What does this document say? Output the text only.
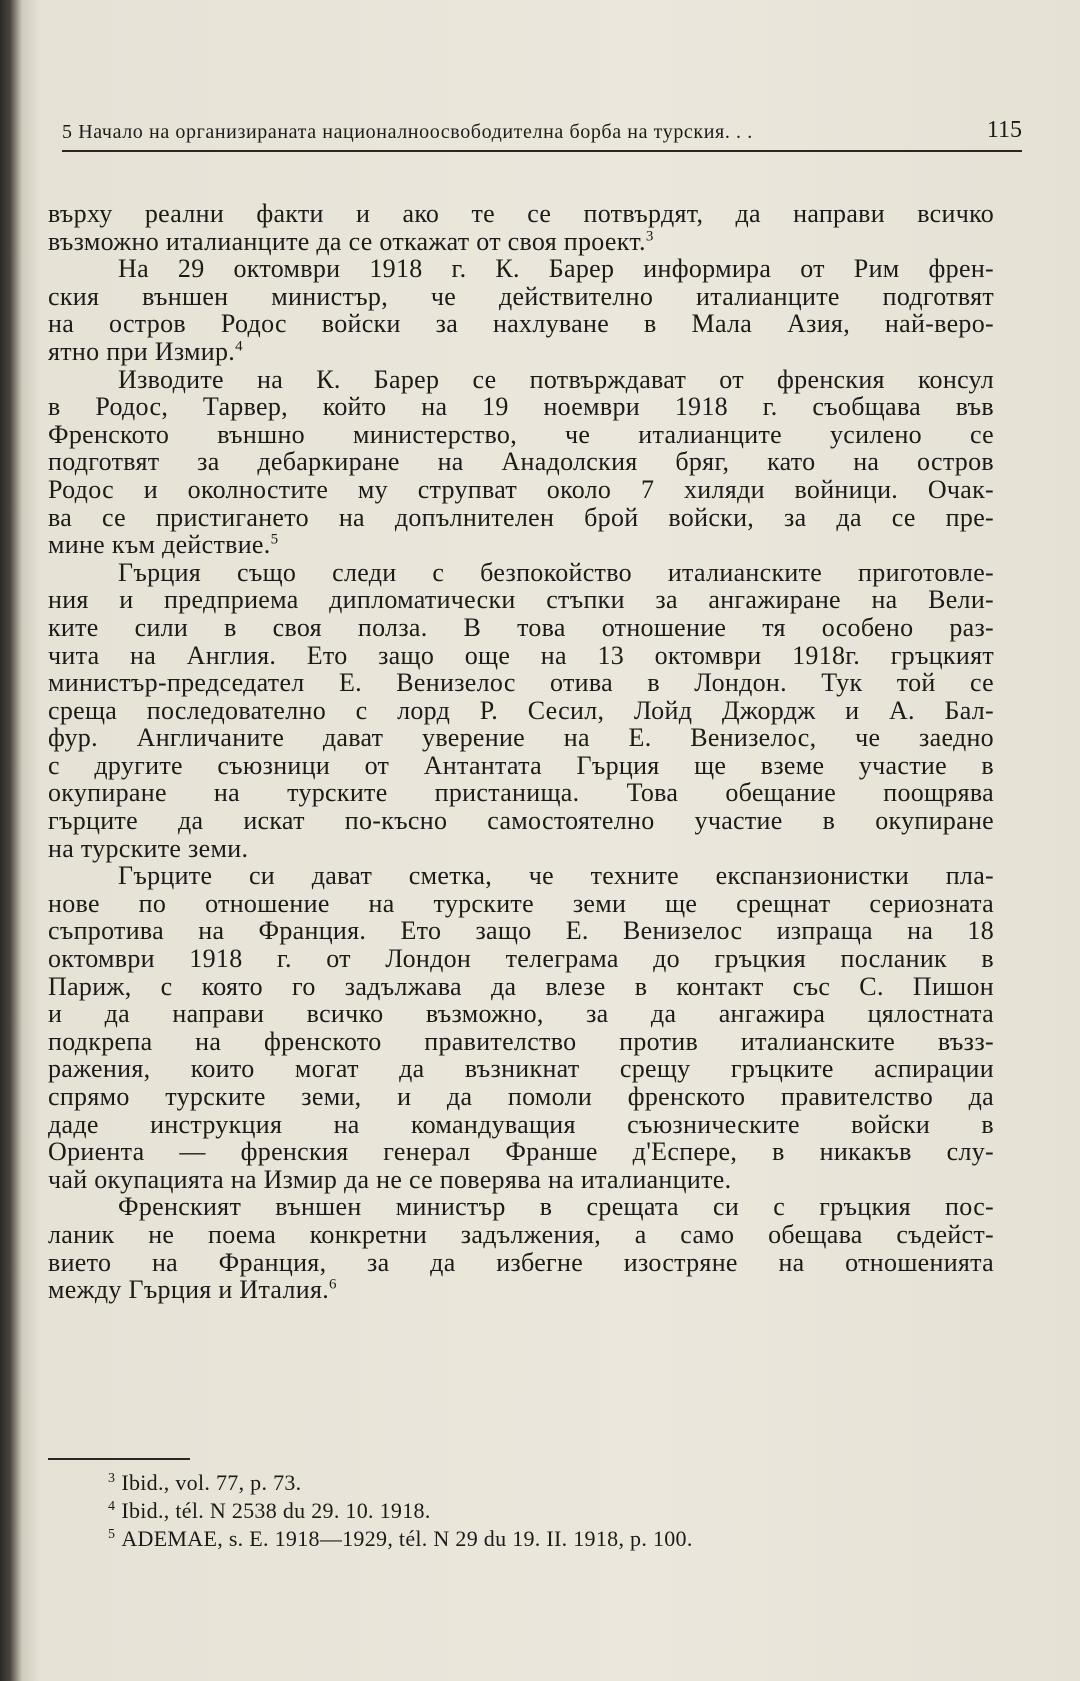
5 Начало на организираната националноосвободителна борба на турския. . .	115
върху реални факти и ако те се потвърдят, да направи всичко
възможно италианците да се откажат от своя проект.$^3$
На 29 октомври 1918 г. К. Барер информира от Рим френ-
ския външен министър, че действително италианците подготвят
на остров Родос войски за нахлуване в Мала Азия, най-веро-
ятно при Измир.$^4$
Изводите на К. Барер се потвърждават от френския консул
в Родос, Тарвер, който на 19 ноември 1918 г. съобщава във
Френското външно министерство, че италианците усилено се
подготвят за дебаркиране на Анадолския бряг, като на остров
Родос и околностите му струпват около 7 хиляди войници. Очак-
ва се пристигането на допълнителен брой войски, за да се пре-
мине към действие.$^5$
Гърция също следи с безпокойство италианските приготовле-
ния и предприема дипломатически стъпки за ангажиране на Вели-
ките сили в своя полза. В това отношение тя особено раз-
чита на Англия. Ето защо още на 13 октомври 1918г. гръцкият
министър-председател Е. Венизелос отива в Лондон. Тук той се
среща последователно с лорд Р. Сесил, Лойд Джордж и А. Бал-
фур. Англичаните дават уверение на Е. Венизелос, че заедно
с другите съюзници от Антантата Гърция ще вземе участие в
окупиране на турските пристанища. Това обещание поощрява
гърците да искат по-късно самостоятелно участие в окупиране
на турските земи.
Гърците си дават сметка, че техните експанзионистки пла-
нове по отношение на турските земи ще срещнат сериозната
съпротива на Франция. Ето защо Е. Венизелос изпраща на 18
октомври 1918 г. от Лондон телеграма до гръцкия посланик в
Париж, с която го задължава да влезе в контакт със С. Пишон
и да направи всичко възможно, за да ангажира цялостната
подкрепа на френското правителство против италианските възз-
ражения, които могат да възникнат срещу гръцките аспирации
спрямо турските земи, и да помоли френското правителство да
даде инструкция на командуващия съюзническите войски в
Ориента — френския генерал Франше д'Еспере, в никакъв слу-
чай окупацията на Измир да не се поверява на италианците.
Френският външен министър в срещата си с гръцкия пос-
ланик не поема конкретни задължения, а само обещава съдейст-
вието на Франция, за да избегне изостряне на отношенията
между Гърция и Италия.$^6$
$^3$ Ibid., vol. 77, p. 73.
$^4$ Ibid., tél. N 2538 du 29. 10. 1918.
$^5$ ADEMAE, s. E. 1918—1929, tél. N 29 du 19. II. 1918, p. 100.
